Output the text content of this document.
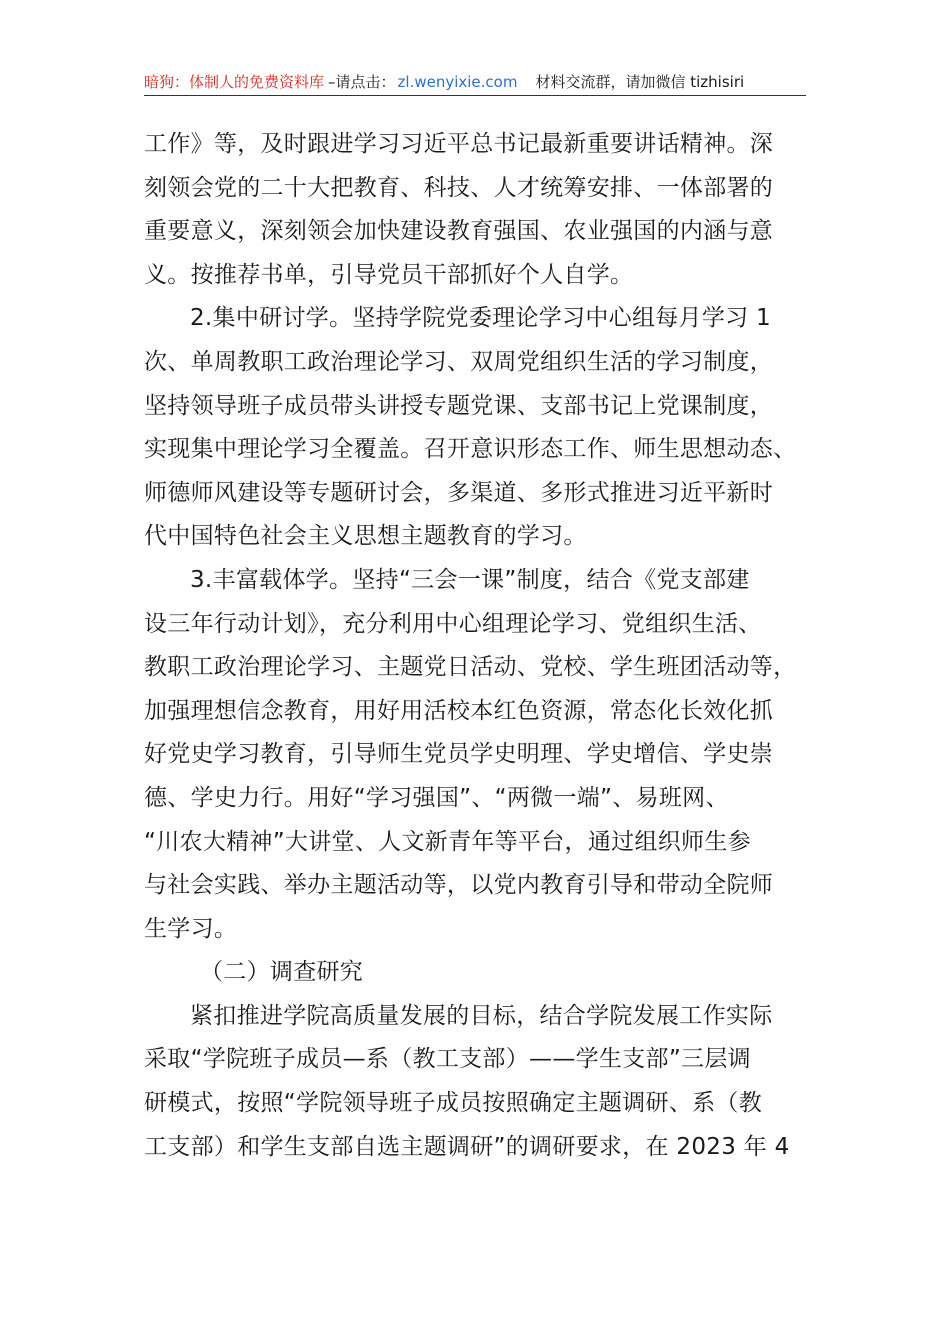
暗狗：体制人的免费资料库 –请点击： zl.wenyixie.com 材料交流群，请加微信 tizhisiri

工作》等，及时跟进学习习近平总书记最新重要讲话精神。深

刻领会党的二十大把教育、科技、人才统筹安排、一体部署的

重要意义，深刻领会加快建设教育强国、农业强国的内涵与意

义。按推荐书单，引导党员干部抓好个人自学。

2.集中研讨学。坚持学院党委理论学习中心组每月学习 1

次、单周教职工政治理论学习、双周党组织生活的学习制度，

坚持领导班子成员带头讲授专题党课、支部书记上党课制度，

实现集中理论学习全覆盖。召开意识形态工作、师生思想动态、

师德师风建设等专题研讨会，多渠道、多形式推进习近平新时

代中国特色社会主义思想主题教育的学习。

3.丰富载体学。坚持“三会一课”制度，结合《党支部建

设三年行动计划》，充分利用中心组理论学习、党组织生活、

教职工政治理论学习、主题党日活动、党校、学生班团活动等，

加强理想信念教育，用好用活校本红色资源，常态化长效化抓

好党史学习教育，引导师生党员学史明理、学史增信、学史崇

德、学史力行。用好“学习强国”、“两微一端”、易班网、

“川农大精神”大讲堂、人文新青年等平台，通过组织师生参

与社会实践、举办主题活动等，以党内教育引导和带动全院师

生学习。

（二）调查研究

紧扣推进学院高质量发展的目标，结合学院发展工作实际

采取“学院班子成员—系（教工支部）——学生支部”三层调

研模式，按照“学院领导班子成员按照确定主题调研、系（教

工支部）和学生支部自选主题调研”的调研要求，在 2023 年 4
